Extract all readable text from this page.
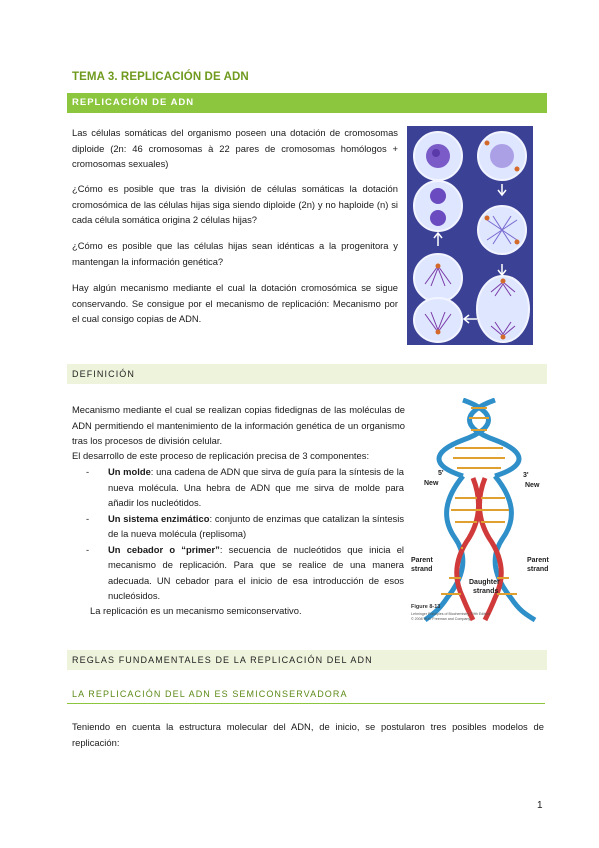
TEMA 3. REPLICACIÓN DE ADN
REPLICACIÓN DE ADN

Las células somáticas del organismo poseen una dotación de cromosomas diploide (2n: 46 cromosomas à 22 pares de cromosomas homólogos + cromosomas sexuales)

¿Cómo es posible que tras la división de células somáticas la dotación cromosómica de las células hijas siga siendo diploide (2n) y no haploide (n) si cada célula somática origina 2 células hijas?

¿Cómo es posible que las células hijas sean idénticas a la progenitora y mantengan la información genética?

Hay algún mecanismo mediante el cual la dotación cromosómica se sigue conservando. Se consigue por el mecanismo de replicación: Mecanismo por el cual consigo copias de ADN.

DEFINICIÓN

Mecanismo mediante el cual se realizan copias fidedignas de las moléculas de ADN permitiendo el mantenimiento de la información genética de un organismo tras los procesos de división celular.

El desarrollo de este proceso de replicación precisa de 3 componentes:

- Un molde: una cadena de ADN que sirva de guía para la síntesis de la nueva molécula. Una hebra de ADN que me sirva de molde para añadir los nucleótidos.
- Un sistema enzimático: conjunto de enzimas que catalizan la síntesis de la nueva molécula (replisoma)
- Un cebador o “primer”: secuencia de nucleótidos que inicia el mecanismo de replicación. Para que se realice de una manera adecuada. UN cebador para el inicio de esa introducción de esos nucleósidos.

La replicación es un mecanismo semiconservativo.

5'	3'
New	New
Parent
strand
Parent
strand
Daughter
strands
Figure 8-13
Lehninger Principles of Biochemistry, Fifth Edition
© 2008 W.H. Freeman and Company
REGLAS FUNDAMENTALES DE LA REPLICACIÓN DEL ADN
LA REPLICACIÓN DEL ADN ES SEMICONSERVADORA

Teniendo en cuenta la estructura molecular del ADN, de inicio, se postularon tres posibles modelos de replicación:

1
